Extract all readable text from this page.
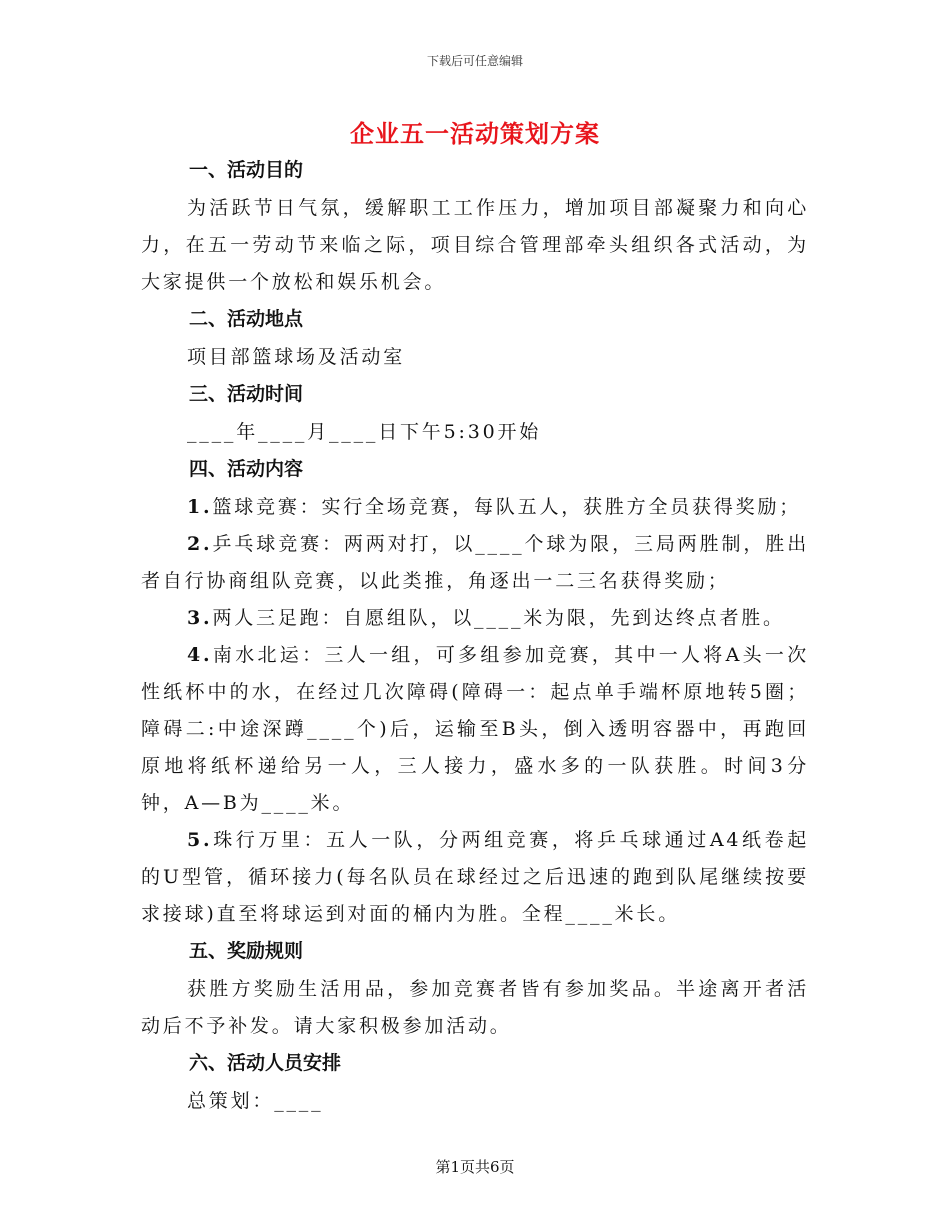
下载后可任意编辑
企业五一活动策划方案
一、活动目的

为活跃节日气氛，缓解职工工作压力，增加项目部凝聚力和向心力，在五一劳动节来临之际，项目综合管理部牵头组织各式活动，为大家提供一个放松和娱乐机会。

二、活动地点

项目部篮球场及活动室

三、活动时间

____年____月____日下午5:30开始

四、活动内容

1.篮球竞赛：实行全场竞赛，每队五人，获胜方全员获得奖励；

2.乒乓球竞赛：两两对打，以____个球为限，三局两胜制，胜出者自行协商组队竞赛，以此类推，角逐出一二三名获得奖励；

3.两人三足跑：自愿组队，以____米为限，先到达终点者胜。

4.南水北运：三人一组，可多组参加竞赛，其中一人将A头一次性纸杯中的水，在经过几次障碍(障碍一：起点单手端杯原地转5圈；障碍二:中途深蹲____个)后，运输至B头，倒入透明容器中，再跑回原地将纸杯递给另一人，三人接力，盛水多的一队获胜。时间3分钟，A—B为____米。

5.珠行万里：五人一队，分两组竞赛，将乒乓球通过A4纸卷起的U型管，循环接力(每名队员在球经过之后迅速的跑到队尾继续按要求接球)直至将球运到对面的桶内为胜。全程____米长。

五、奖励规则

获胜方奖励生活用品，参加竞赛者皆有参加奖品。半途离开者活动后不予补发。请大家积极参加活动。

六、活动人员安排

总策划：____

第1页共6页
